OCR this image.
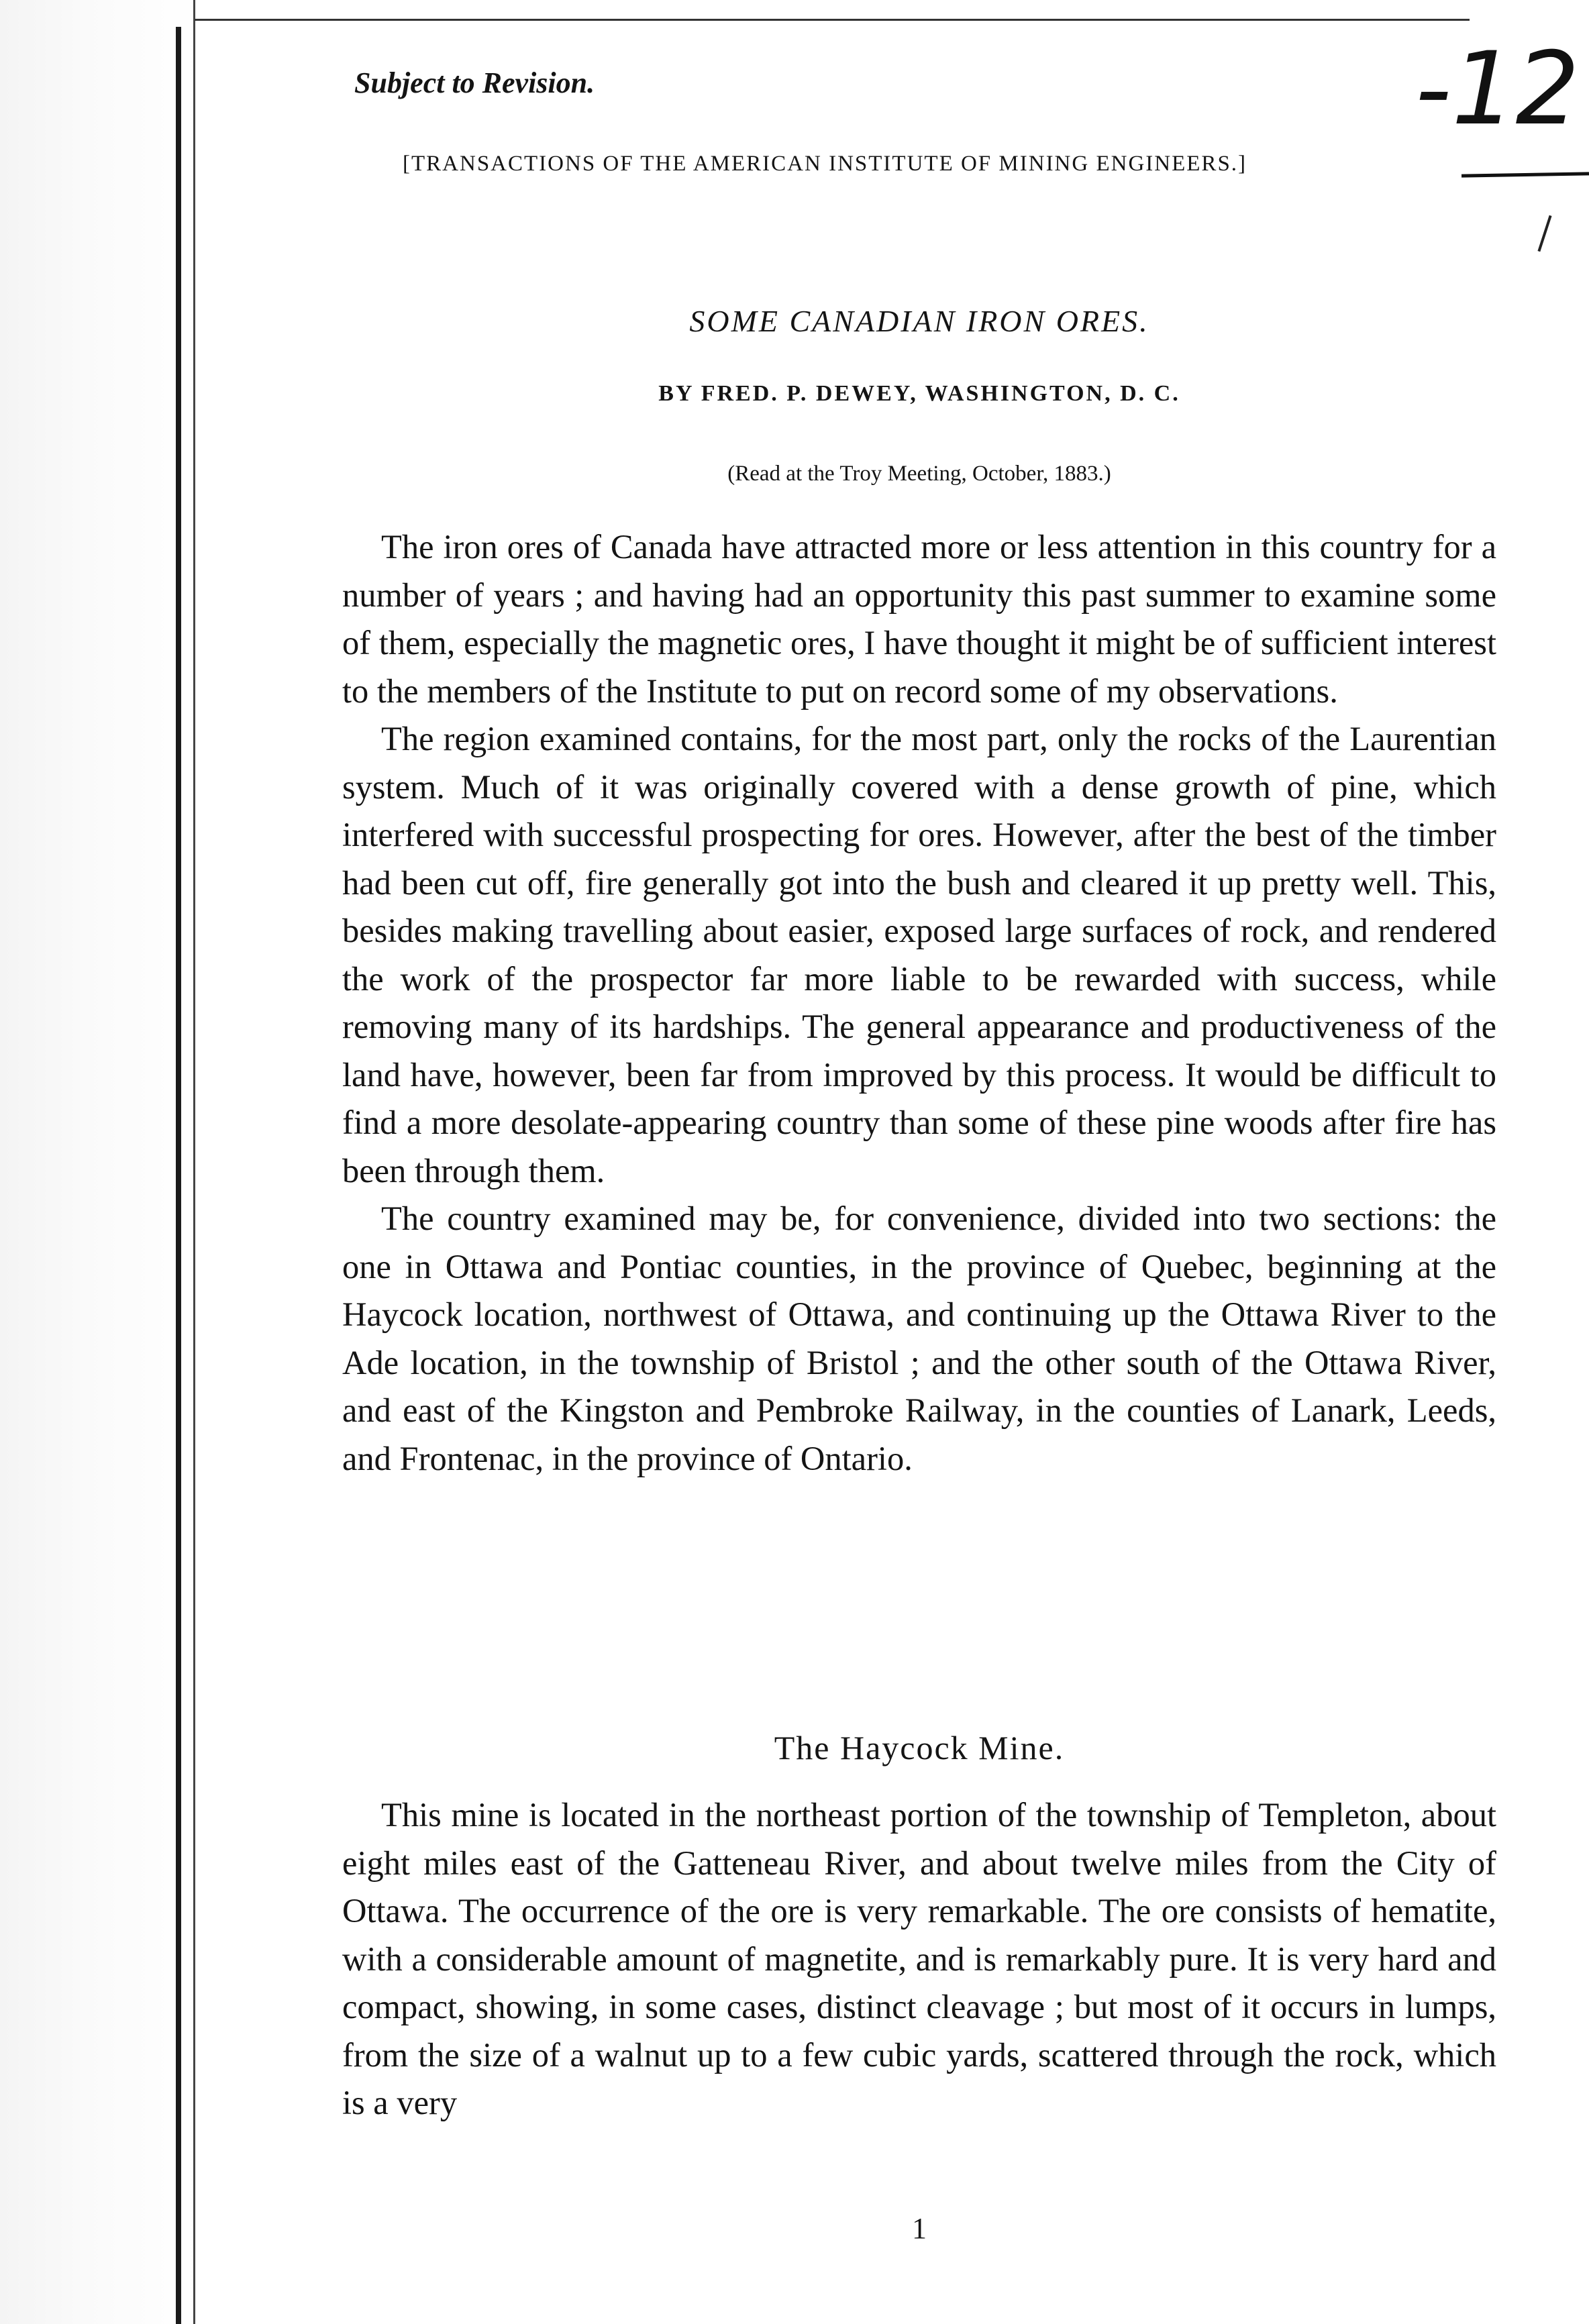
Subject to Revision.	-12
[TRANSACTIONS OF THE AMERICAN INSTITUTE OF MINING ENGINEERS.]
SOME CANADIAN IRON ORES.
BY FRED. P. DEWEY, WASHINGTON, D. C.
(Read at the Troy Meeting, October, 1883.)

The iron ores of Canada have attracted more or less attention in this country for a number of years ; and having had an opportunity this past summer to examine some of them, especially the magnetic ores, I have thought it might be of sufficient interest to the members of the Institute to put on record some of my observations.

The region examined contains, for the most part, only the rocks of the Laurentian system. Much of it was originally covered with a dense growth of pine, which interfered with successful prospecting for ores. However, after the best of the timber had been cut off, fire generally got into the bush and cleared it up pretty well. This, besides making travelling about easier, exposed large surfaces of rock, and rendered the work of the prospector far more liable to be rewarded with success, while removing many of its hardships. The general appearance and productiveness of the land have, however, been far from improved by this process. It would be difficult to find a more desolate-appearing country than some of these pine woods after fire has been through them.

The country examined may be, for convenience, divided into two sections: the one in Ottawa and Pontiac counties, in the province of Quebec, beginning at the Haycock location, northwest of Ottawa, and continuing up the Ottawa River to the Ade location, in the township of Bristol ; and the other south of the Ottawa River, and east of the Kingston and Pembroke Railway, in the counties of Lanark, Leeds, and Frontenac, in the province of Ontario.

The Haycock Mine.

This mine is located in the northeast portion of the township of Templeton, about eight miles east of the Gatteneau River, and about twelve miles from the City of Ottawa. The occurrence of the ore is very remarkable. The ore consists of hematite, with a considerable amount of magnetite, and is remarkably pure. It is very hard and compact, showing, in some cases, distinct cleavage ; but most of it occurs in lumps, from the size of a walnut up to a few cubic yards, scattered through the rock, which is a very

1
